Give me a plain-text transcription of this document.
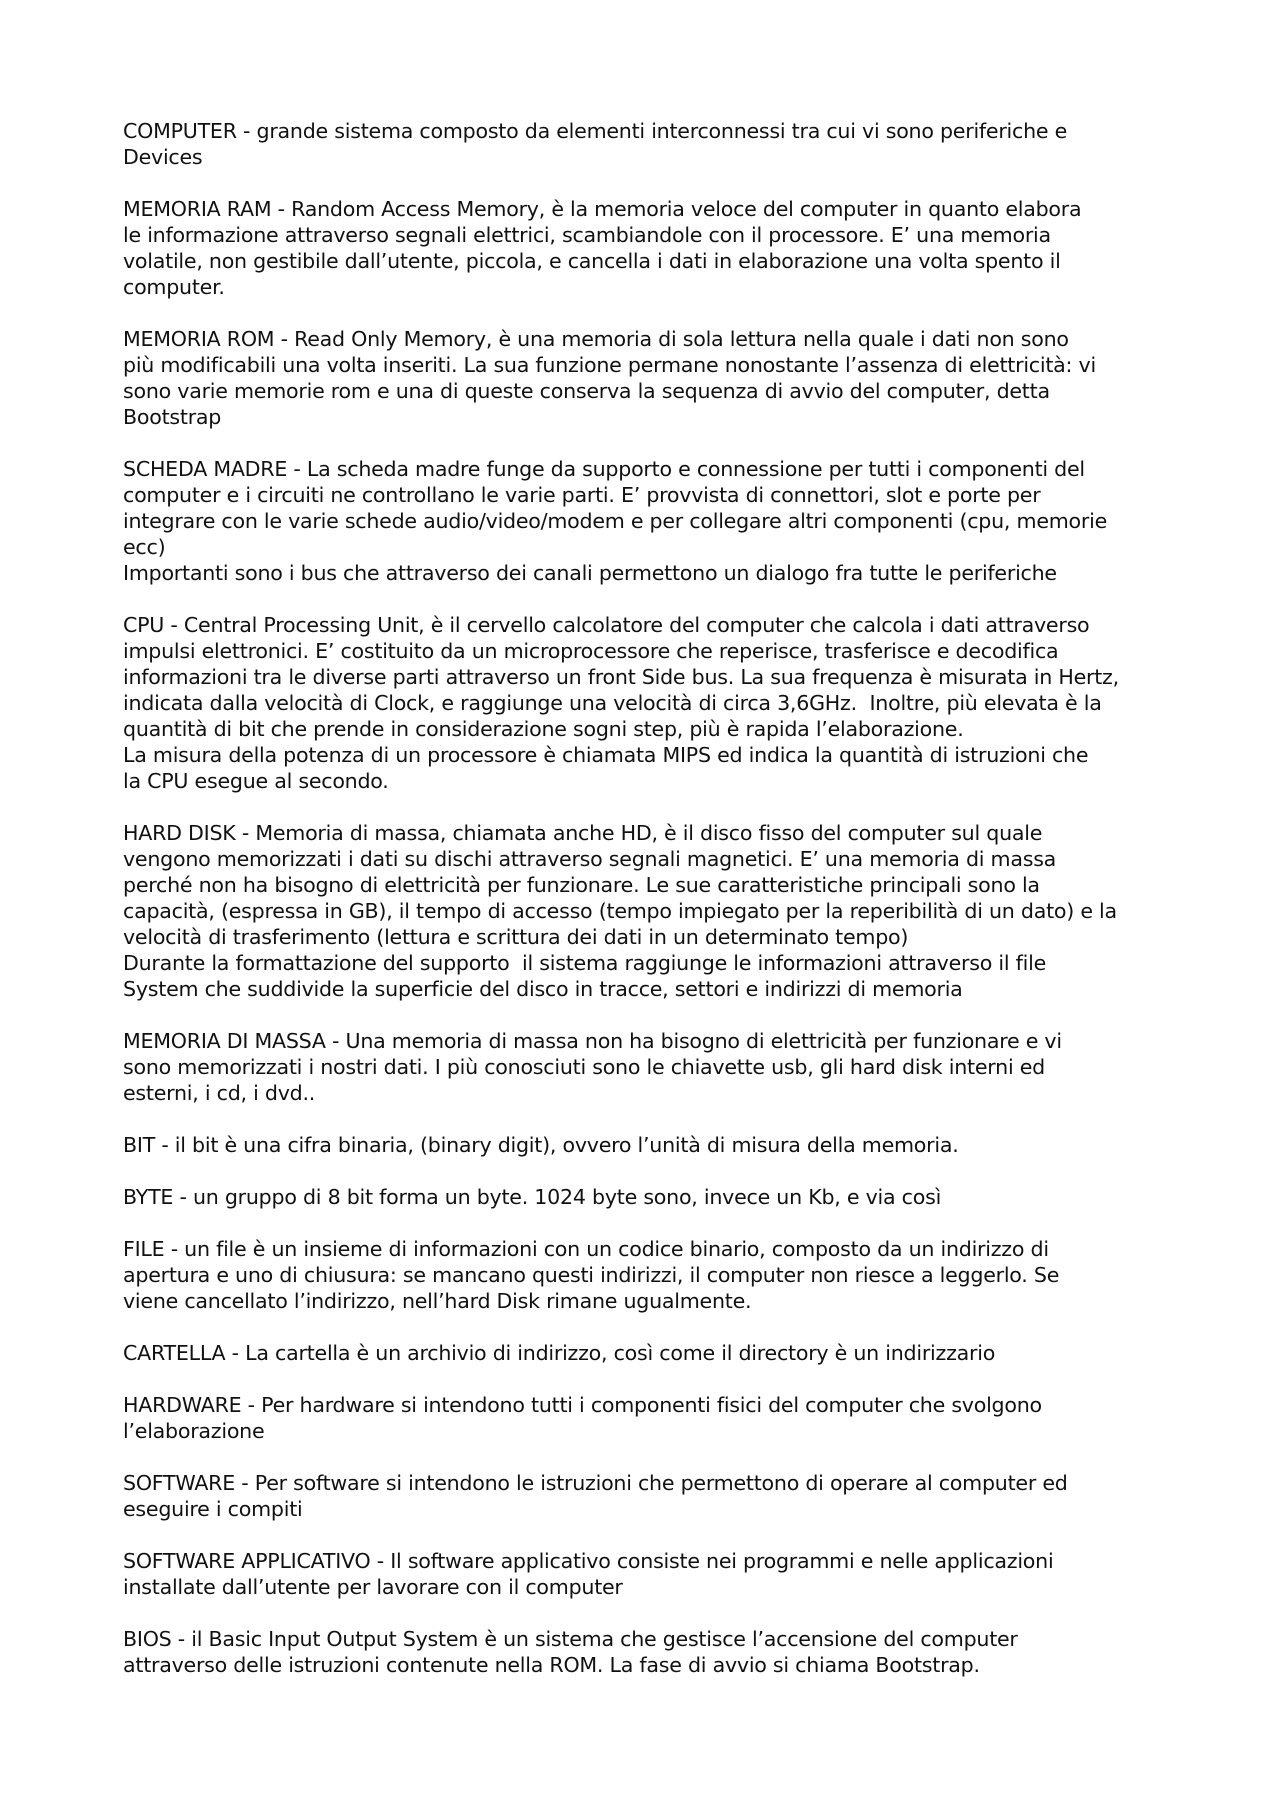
COMPUTER - grande sistema composto da elementi interconnessi tra cui vi sono periferiche e
Devices
MEMORIA RAM - Random Access Memory, è la memoria veloce del computer in quanto elabora
le informazione attraverso segnali elettrici, scambiandole con il processore. E’ una memoria
volatile, non gestibile dall’utente, piccola, e cancella i dati in elaborazione una volta spento il
computer.
MEMORIA ROM - Read Only Memory, è una memoria di sola lettura nella quale i dati non sono
più modificabili una volta inseriti. La sua funzione permane nonostante l’assenza di elettricità: vi
sono varie memorie rom e una di queste conserva la sequenza di avvio del computer, detta
Bootstrap
SCHEDA MADRE - La scheda madre funge da supporto e connessione per tutti i componenti del
computer e i circuiti ne controllano le varie parti. E’ provvista di connettori, slot e porte per
integrare con le varie schede audio/video/modem e per collegare altri componenti (cpu, memorie
ecc)
Importanti sono i bus che attraverso dei canali permettono un dialogo fra tutte le periferiche
CPU - Central Processing Unit, è il cervello calcolatore del computer che calcola i dati attraverso
impulsi elettronici. E’ costituito da un microprocessore che reperisce, trasferisce e decodifica
informazioni tra le diverse parti attraverso un front Side bus. La sua frequenza è misurata in Hertz,
indicata dalla velocità di Clock, e raggiunge una velocità di circa 3,6GHz.  Inoltre, più elevata è la
quantità di bit che prende in considerazione sogni step, più è rapida l’elaborazione.
La misura della potenza di un processore è chiamata MIPS ed indica la quantità di istruzioni che
la CPU esegue al secondo.
HARD DISK - Memoria di massa, chiamata anche HD, è il disco fisso del computer sul quale
vengono memorizzati i dati su dischi attraverso segnali magnetici. E’ una memoria di massa
perché non ha bisogno di elettricità per funzionare. Le sue caratteristiche principali sono la
capacità, (espressa in GB), il tempo di accesso (tempo impiegato per la reperibilità di un dato) e la
velocità di trasferimento (lettura e scrittura dei dati in un determinato tempo)
Durante la formattazione del supporto  il sistema raggiunge le informazioni attraverso il file
System che suddivide la superficie del disco in tracce, settori e indirizzi di memoria
MEMORIA DI MASSA - Una memoria di massa non ha bisogno di elettricità per funzionare e vi
sono memorizzati i nostri dati. I più conosciuti sono le chiavette usb, gli hard disk interni ed
esterni, i cd, i dvd..
BIT - il bit è una cifra binaria, (binary digit), ovvero l’unità di misura della memoria.
BYTE - un gruppo di 8 bit forma un byte. 1024 byte sono, invece un Kb, e via così
FILE - un file è un insieme di informazioni con un codice binario, composto da un indirizzo di
apertura e uno di chiusura: se mancano questi indirizzi, il computer non riesce a leggerlo. Se
viene cancellato l’indirizzo, nell’hard Disk rimane ugualmente.
CARTELLA - La cartella è un archivio di indirizzo, così come il directory è un indirizzario
HARDWARE - Per hardware si intendono tutti i componenti fisici del computer che svolgono
l’elaborazione
SOFTWARE - Per software si intendono le istruzioni che permettono di operare al computer ed
eseguire i compiti
SOFTWARE APPLICATIVO - Il software applicativo consiste nei programmi e nelle applicazioni
installate dall’utente per lavorare con il computer
BIOS - il Basic Input Output System è un sistema che gestisce l’accensione del computer
attraverso delle istruzioni contenute nella ROM. La fase di avvio si chiama Bootstrap.
